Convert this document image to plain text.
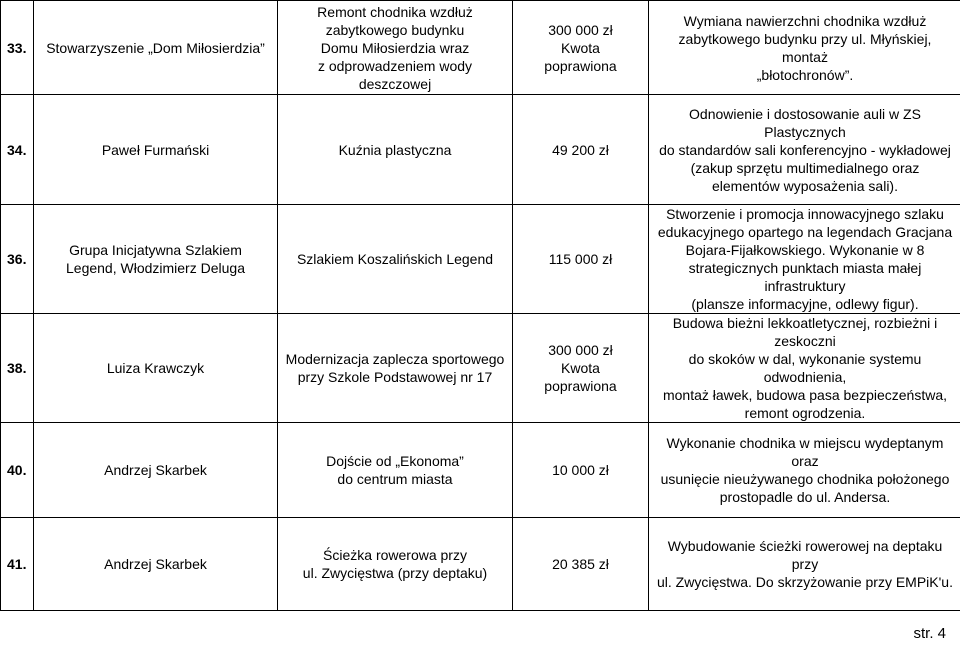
33.	Stowarzyszenie „Dom Miłosierdzia”	Remont chodnika wzdłuż
zabytkowego budynku
Domu Miłosierdzia wraz
z odprowadzeniem wody
deszczowej	300 000 zł
Kwota
poprawiona	Wymiana nawierzchni chodnika wzdłuż
zabytkowego budynku przy ul. Młyńskiej, montaż
„błotochronów”.

34.	Paweł Furmański	Kuźnia plastyczna	49 200 zł	Odnowienie i dostosowanie auli w ZS Plastycznych
do standardów sali konferencyjno - wykładowej
(zakup sprzętu multimedialnego oraz
elementów wyposażenia sali).

36.	Grupa Inicjatywna Szlakiem
Legend, Włodzimierz Deluga	Szlakiem Koszalińskich Legend	115 000 zł	Stworzenie i promocja innowacyjnego szlaku
edukacyjnego opartego na legendach Gracjana
Bojara-Fijałkowskiego. Wykonanie w 8
strategicznych punktach miasta małej infrastruktury
(plansze informacyjne, odlewy figur).

38.	Luiza Krawczyk	Modernizacja zaplecza sportowego
przy Szkole Podstawowej nr 17	300 000 zł
Kwota
poprawiona	Budowa bieżni lekkoatletycznej, rozbieżni i zeskoczni
do skoków w dal, wykonanie systemu odwodnienia,
montaż ławek, budowa pasa bezpieczeństwa,
remont ogrodzenia.

40.	Andrzej Skarbek	Dojście od „Ekonoma”
do centrum miasta	10 000 zł	Wykonanie chodnika w miejscu wydeptanym oraz
usunięcie nieużywanego chodnika położonego
prostopadle do ul. Andersa.

41.	Andrzej Skarbek	Ścieżka rowerowa przy
ul. Zwycięstwa (przy deptaku)	20 385 zł	Wybudowanie ścieżki rowerowej na deptaku przy
ul. Zwycięstwa. Do skrzyżowanie przy EMPiK'u.
str. 4
